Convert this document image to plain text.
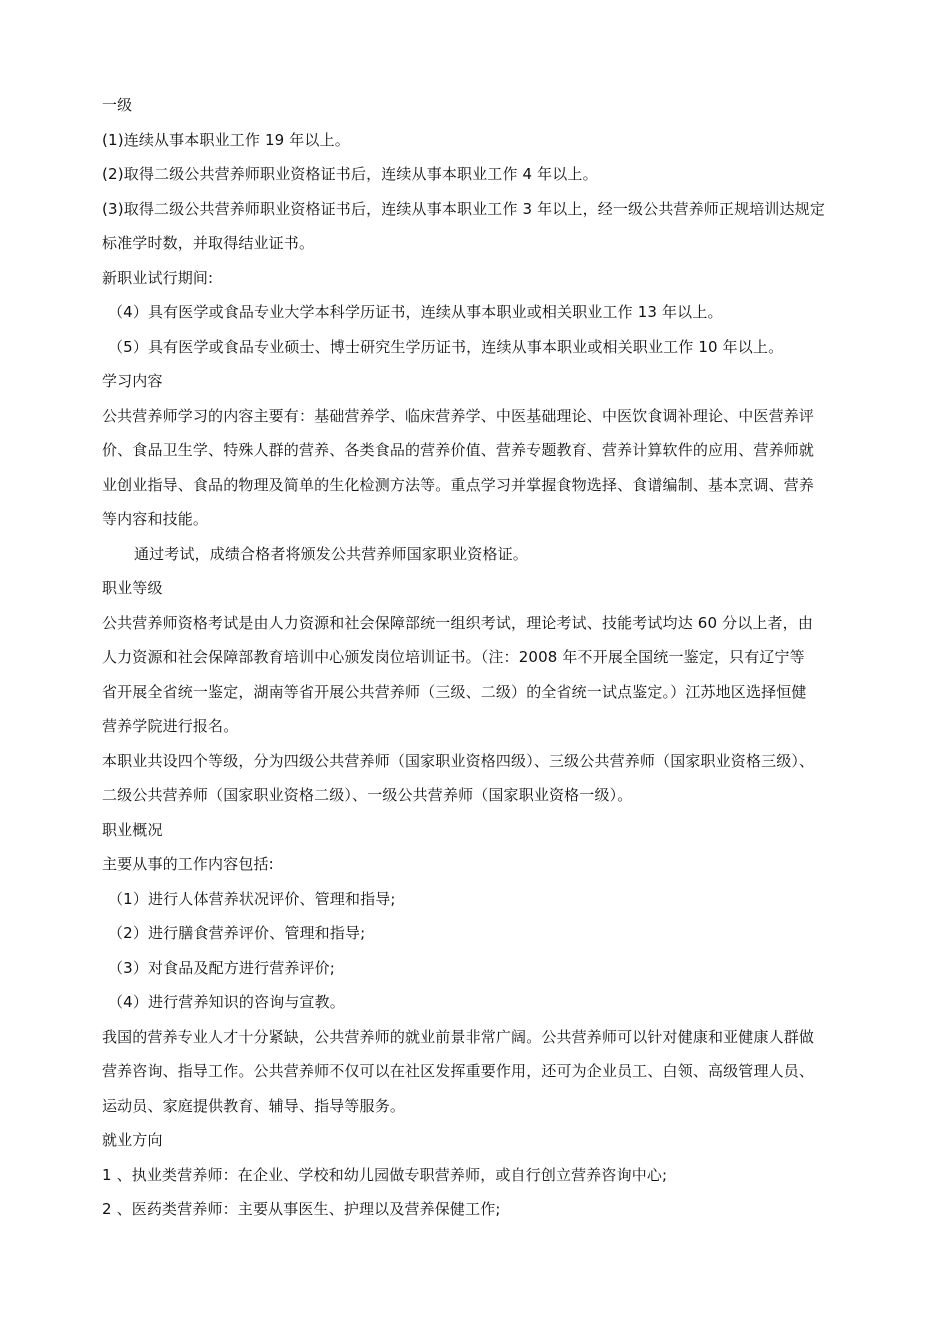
一级
(1)连续从事本职业工作 19 年以上。
(2)取得二级公共营养师职业资格证书后，连续从事本职业工作 4 年以上。
(3)取得二级公共营养师职业资格证书后，连续从事本职业工作 3 年以上，经一级公共营养师正规培训达规定
标准学时数，并取得结业证书。
新职业试行期间:
（4）具有医学或食品专业大学本科学历证书，连续从事本职业或相关职业工作 13 年以上。
（5）具有医学或食品专业硕士、博士研究生学历证书，连续从事本职业或相关职业工作 10 年以上。
学习内容
公共营养师学习的内容主要有：基础营养学、临床营养学、中医基础理论、中医饮食调补理论、中医营养评
价、食品卫生学、特殊人群的营养、各类食品的营养价值、营养专题教育、营养计算软件的应用、营养师就
业创业指导、食品的物理及简单的生化检测方法等。重点学习并掌握食物选择、食谱编制、基本烹调、营养
等内容和技能。
通过考试，成绩合格者将颁发公共营养师国家职业资格证。
职业等级
公共营养师资格考试是由人力资源和社会保障部统一组织考试，理论考试、技能考试均达 60 分以上者，由
人力资源和社会保障部教育培训中心颁发岗位培训证书。（注：2008 年不开展全国统一鉴定，只有辽宁等
省开展全省统一鉴定，湖南等省开展公共营养师（三级、二级）的全省统一试点鉴定。）江苏地区选择恒健
营养学院进行报名。
本职业共设四个等级，分为四级公共营养师（国家职业资格四级）、三级公共营养师（国家职业资格三级）、
二级公共营养师（国家职业资格二级）、一级公共营养师（国家职业资格一级）。
职业概况
主要从事的工作内容包括:
（1）进行人体营养状况评价、管理和指导;
（2）进行膳食营养评价、管理和指导;
（3）对食品及配方进行营养评价;
（4）进行营养知识的咨询与宣教。
我国的营养专业人才十分紧缺，公共营养师的就业前景非常广阔。公共营养师可以针对健康和亚健康人群做
营养咨询、指导工作。公共营养师不仅可以在社区发挥重要作用，还可为企业员工、白领、高级管理人员、
运动员、家庭提供教育、辅导、指导等服务。
就业方向
1 、执业类营养师：在企业、学校和幼儿园做专职营养师，或自行创立营养咨询中心;
2 、医药类营养师：主要从事医生、护理以及营养保健工作;
